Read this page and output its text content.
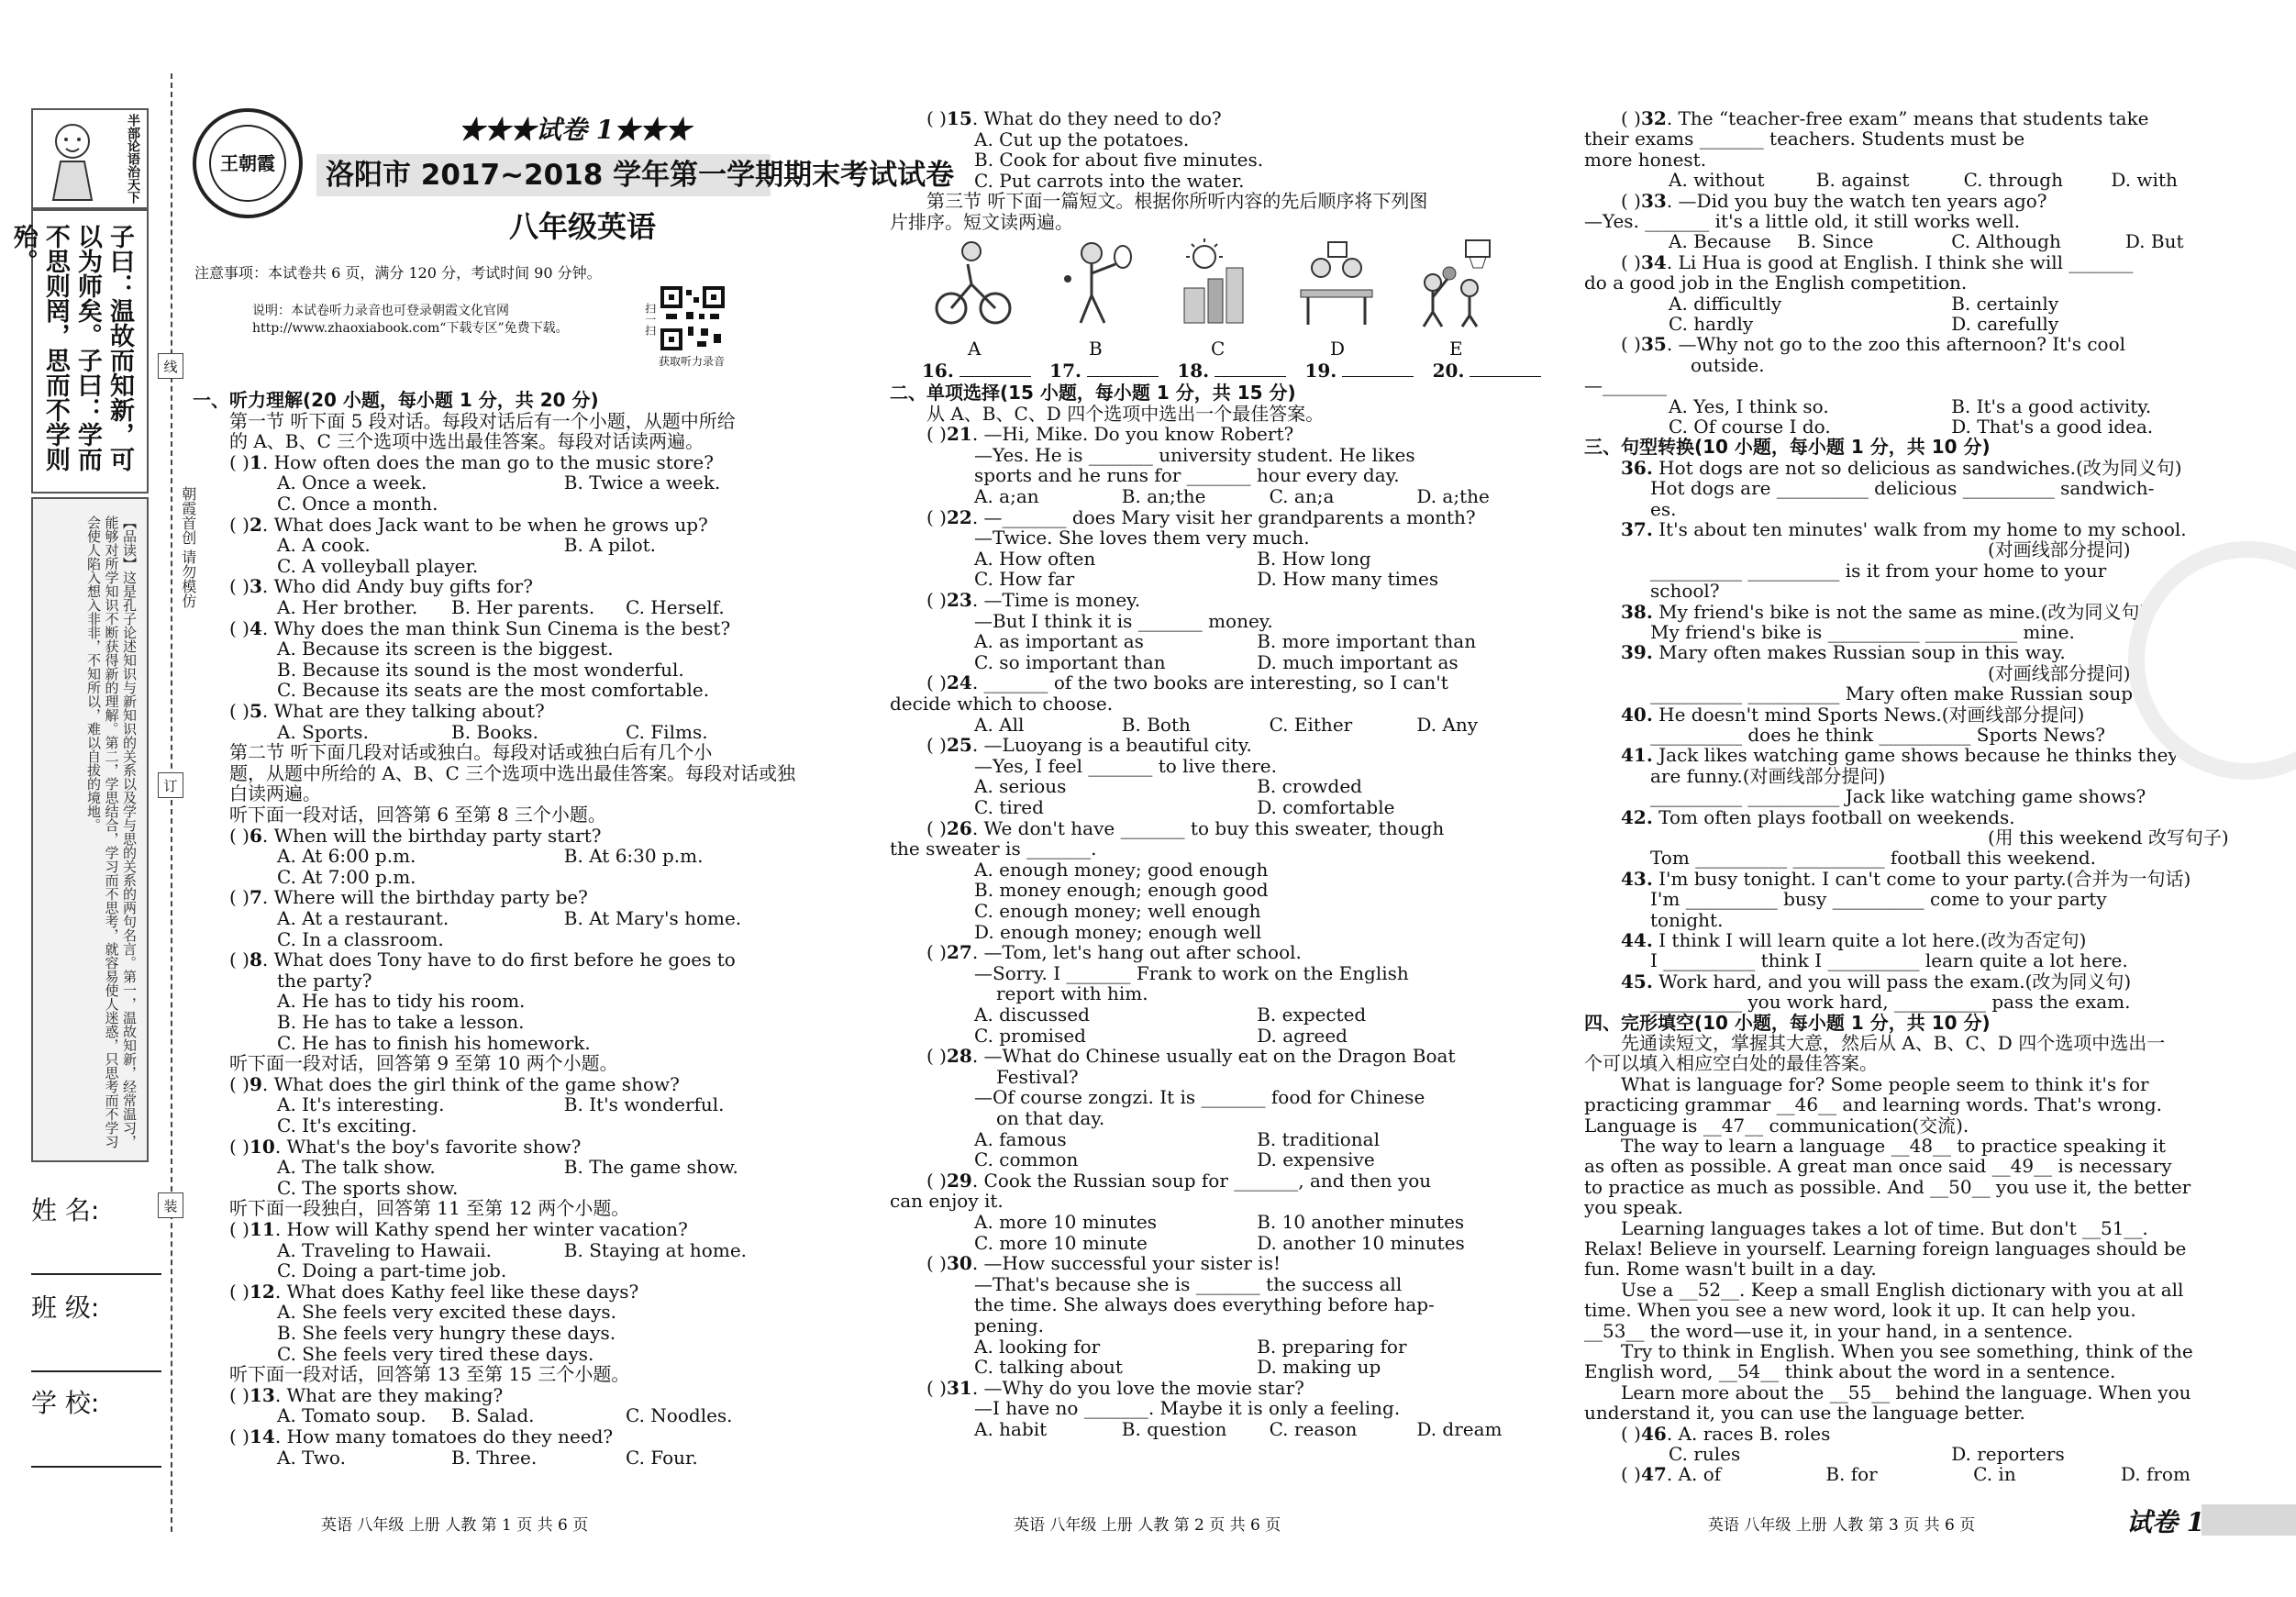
半部论语治天下
子曰：温故而知新，可以为师矣。子曰：学而不思则罔，思而不学则殆。
【品读】这是孔子论述知识与新知识的关系以及学与思的关系的两句名言。第一，温故知新，经常温习，能够对所学知识不断获得新的理解。第二，学思结合，学习而不思考，就容易使人迷惑，只思考而不学习会使人陷入想入非非，不知所以，难以自拔的境地。
姓 名:
班 级:
学 校:
线
订
装
朝霞首创 请勿模仿
王朝霞
★★★试卷 1★★★
洛阳市 2017~2018 学年第一学期期末考试试卷
八年级英语
注意事项：本试卷共 6 页，满分 120 分，考试时间 90 分钟。
说明：本试卷听力录音也可登录朝霞文化官网 http://www.zhaoxiabook.com“下载专区”免费下载。	扫一扫
获取听力录音
一、听力理解(20 小题，每小题 1 分，共 20 分)
第一节 听下面 5 段对话。每段对话后有一个小题，从题中所给
的 A、B、C 三个选项中选出最佳答案。每段对话读两遍。
( )1. How often does the man go to the music store?
A. Once a week.	B. Twice a week.
C. Once a month.
( )2. What does Jack want to be when he grows up?
A. A cook.	B. A pilot.
C. A volleyball player.
( )3. Who did Andy buy gifts for?
A. Her brother. B. Her parents. C. Herself.
( )4. Why does the man think Sun Cinema is the best?
A. Because its screen is the biggest.
B. Because its sound is the most wonderful.
C. Because its seats are the most comfortable.
( )5. What are they talking about?
A. Sports.	B. Books.	C. Films.
第二节 听下面几段对话或独白。每段对话或独白后有几个小
题，从题中所给的 A、B、C 三个选项中选出最佳答案。每段对话或独
白读两遍。
听下面一段对话，回答第 6 至第 8 三个小题。
( )6. When will the birthday party start?
A. At 6:00 p.m.	B. At 6:30 p.m.
C. At 7:00 p.m.
( )7. Where will the birthday party be?
A. At a restaurant.	B. At Mary's home.
C. In a classroom.
( )8. What does Tony have to do first before he goes to
the party?
A. He has to tidy his room.
B. He has to take a lesson.
C. He has to finish his homework.
听下面一段对话，回答第 9 至第 10 两个小题。
( )9. What does the girl think of the game show?
A. It's interesting.	B. It's wonderful.
C. It's exciting.
( )10. What's the boy's favorite show?
A. The talk show.	B. The game show.
C. The sports show.
听下面一段独白，回答第 11 至第 12 两个小题。
( )11. How will Kathy spend her winter vacation?
A. Traveling to Hawaii.	B. Staying at home.
C. Doing a part-time job.
( )12. What does Kathy feel like these days?
A. She feels very excited these days.
B. She feels very hungry these days.
C. She feels very tired these days.
听下面一段对话，回答第 13 至第 15 三个小题。
( )13. What are they making?
A. Tomato soup. B. Salad.	C. Noodles.
( )14. How many tomatoes do they need?
A. Two.	B. Three.	C. Four.
( )15. What do they need to do?
A. Cut up the potatoes.
B. Cook for about five minutes.
C. Put carrots into the water.
第三节 听下面一篇短文。根据你所听内容的先后顺序将下列图
片排序。短文读两遍。
二、单项选择(15 小题，每小题 1 分，共 15 分)
从 A、B、C、D 四个选项中选出一个最佳答案。
( )21. —Hi, Mike. Do you know Robert?
—Yes. He is _______ university student. He likes
sports and he runs for _______ hour every day.
A. a;an	B. an;the	C. an;a	D. a;the
( )22. —_______ does Mary visit her grandparents a month?
—Twice. She loves them very much.
A. How often	B. How long
C. How far	D. How many times
( )23. —Time is money.
—But I think it is _______ money.
A. as important as	B. more important than
C. so important than	D. much important as
( )24. _______ of the two books are interesting, so I can't
decide which to choose.
A. All	B. Both	C. Either	D. Any
( )25. —Luoyang is a beautiful city.
—Yes, I feel _______ to live there.
A. serious	B. crowded
C. tired	D. comfortable
( )26. We don't have _______ to buy this sweater, though
the sweater is _______.
A. enough money; good enough
B. money enough; enough good
C. enough money; well enough
D. enough money; enough well
( )27. —Tom, let's hang out after school.
—Sorry. I _______ Frank to work on the English
report with him.
A. discussed	B. expected
C. promised	D. agreed
( )28. —What do Chinese usually eat on the Dragon Boat
Festival?
—Of course zongzi. It is _______ food for Chinese
on that day.
A. famous	B. traditional
C. common	D. expensive
( )29. Cook the Russian soup for _______, and then you
can enjoy it.
A. more 10 minutes	B. 10 another minutes
C. more 10 minute	D. another 10 minutes
( )30. —How successful your sister is!
—That's because she is _______ the success all
the time. She always does everything before hap-
pening.
A. looking for	B. preparing for
C. talking about	D. making up
( )31. —Why do you love the movie star?
—I have no _______. Maybe it is only a feeling.
A. habit	B. question C. reason	D. dream
( )32. The “teacher-free exam” means that students take
their exams _______ teachers. Students must be
more honest.
A. without	B. against	C. through	D. with
( )33. —Did you buy the watch ten years ago?
—Yes. _______ it's a little old, it still works well.
A. Because B. Since	C. Although	D. But
( )34. Li Hua is good at English. I think she will _______
do a good job in the English competition.
A. difficultly	B. certainly
C. hardly	D. carefully
( )35. —Why not go to the zoo this afternoon? It's cool
outside.
—_______
A. Yes, I think so.	B. It's a good activity.
C. Of course I do.	D. That's a good idea.
三、句型转换(10 小题，每小题 1 分，共 10 分)
36. Hot dogs are not so delicious as sandwiches.(改为同义句)
Hot dogs are __________ delicious __________ sandwich-
es.
37. It's about ten minutes' walk from my home to my school.
(对画线部分提问)
__________ __________ is it from your home to your
school?
38. My friend's bike is not the same as mine.(改为同义句)
My friend's bike is __________ __________ mine.
39. Mary often makes Russian soup in this way.
(对画线部分提问)
__________ __________ Mary often make Russian soup?
40. He doesn't mind Sports News.(对画线部分提问)
__________ does he think __________ Sports News?
41. Jack likes watching game shows because he thinks they
are funny.(对画线部分提问)
__________ __________ Jack like watching game shows?
42. Tom often plays football on weekends.
(用 this weekend 改写句子)
Tom __________ __________ football this weekend.
43. I'm busy tonight. I can't come to your party.(合并为一句话)
I'm __________ busy __________ come to your party
tonight.
44. I think I will learn quite a lot here.(改为否定句)
I __________ think I __________ learn quite a lot here.
45. Work hard, and you will pass the exam.(改为同义句)
__________ you work hard, __________ pass the exam.
四、完形填空(10 小题，每小题 1 分，共 10 分)
先通读短文，掌握其大意，然后从 A、B、C、D 四个选项中选出一
个可以填入相应空白处的最佳答案。
What is language for? Some people seem to think it's for
practicing grammar __46__ and learning words. That's wrong.
Language is __47__ communication(交流).
The way to learn a language __48__ to practice speaking it
as often as possible. A great man once said __49__ is necessary
to practice as much as possible. And __50__ you use it, the better
you speak.
Learning languages takes a lot of time. But don't __51__.
Relax! Believe in yourself. Learning foreign languages should be
fun. Rome wasn't built in a day.
Use a __52__. Keep a small English dictionary with you at all
time. When you see a new word, look it up. It can help you.
__53__ the word—use it, in your hand, in a sentence.
Try to think in English. When you see something, think of the
English word, __54__ think about the word in a sentence.
Learn more about the __55__ behind the language. When you
understand it, you can use the language better.
( )46. A. races B. roles
C. rules	D. reporters
( )47. A. of	B. for	C. in	D. from
A	B	C	D	E
16.	17.	18.	19.	20.
英语 八年级 上册 人教 第 1 页 共 6 页	英语 八年级 上册 人教 第 2 页 共 6 页	英语 八年级 上册 人教 第 3 页 共 6 页	试卷 1
